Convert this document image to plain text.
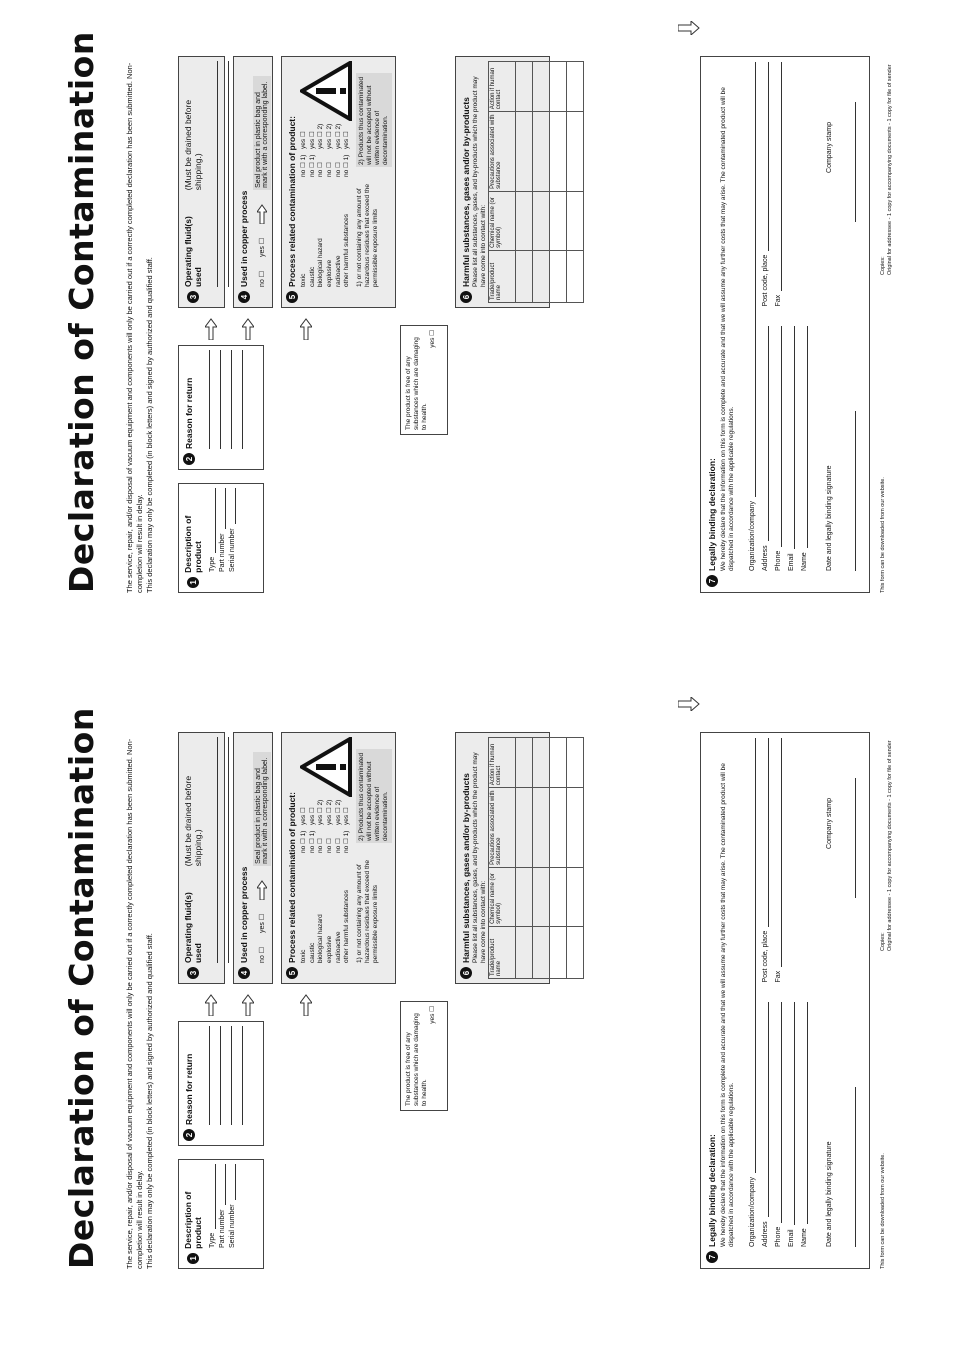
Declaration of Contamination	The service, repair, and/or disposal of vacuum equipment and components will only be carried out if a correctly completed declaration has been submitted. Non-completion will result in delay. This declaration may only be completed (in block letters) and signed by authorized and qualified staff.	1
Description of product Type Part number Serial number
2
Reason for return
3
Operating fluid(s) used
(Must be drained before shipping.)
4
Used in copper process no ☐
yes ☐
Seal product in plastic bag and mark it with a corresponding label.
5
Process related contamination of product: toxic
no ☐ 1)
yes ☐
caustic
no ☐ 1)
yes ☐
biological hazard
no ☐
yes ☐ 2)
explosive
no ☐
yes ☐ 2)
radioactive
no ☐
yes ☐ 2)
other harmful substances
no ☐ 1)
yes ☐
1) or not containing any amount of hazardous residues that exceed the permissible exposure limits
2) Products thus contaminated will not be accepted without written evidence of decontamination.
The product is free of any substances which are damaging to health.
yes ☐
6
Harmful substances, gases and/or by-products Please list all substances, gases, and by-products which the product may have come into contact with: Trade/product name	Chemical name (or symbol)	Precautions associated with substance	Action if human contact

7
Legally binding declaration: We hereby declare that the information on this form is complete and accurate and that we will assume any further costs that may arise. The contaminated product will be dispatched in accordance with the applicable regulations. Organization/company Address
Post code, place
Phone
Fax
Email Name	Date and legally binding signature
Company stamp
This form can be downloaded from our website.
Copies: Original for addressee - 1 copy for accompanying documents - 1 copy for file of sender
Declaration of Contamination	The service, repair, and/or disposal of vacuum equipment and components will only be carried out if a correctly completed declaration has been submitted. Non-completion will result in delay. This declaration may only be completed (in block letters) and signed by authorized and qualified staff.	1
Description of product Type Part number Serial number
2
Reason for return
3
Operating fluid(s) used
(Must be drained before shipping.)
4
Used in copper process no ☐
yes ☐
Seal product in plastic bag and mark it with a corresponding label.
5
Process related contamination of product: toxic
no ☐ 1)
yes ☐
caustic
no ☐ 1)
yes ☐
biological hazard
no ☐
yes ☐ 2)
explosive
no ☐
yes ☐ 2)
radioactive
no ☐
yes ☐ 2)
other harmful substances
no ☐ 1)
yes ☐
1) or not containing any amount of hazardous residues that exceed the permissible exposure limits
2) Products thus contaminated will not be accepted without written evidence of decontamination.
The product is free of any substances which are damaging to health.
yes ☐
6
Harmful substances, gases and/or by-products Please list all substances, gases, and by-products which the product may have come into contact with: Trade/product name	Chemical name (or symbol)	Precautions associated with substance	Action if human contact

7
Legally binding declaration: We hereby declare that the information on this form is complete and accurate and that we will assume any further costs that may arise. The contaminated product will be dispatched in accordance with the applicable regulations. Organization/company Address
Post code, place
Phone
Fax
Email Name	Date and legally binding signature
Company stamp
This form can be downloaded from our website.
Copies: Original for addressee - 1 copy for accompanying documents - 1 copy for file of sender
